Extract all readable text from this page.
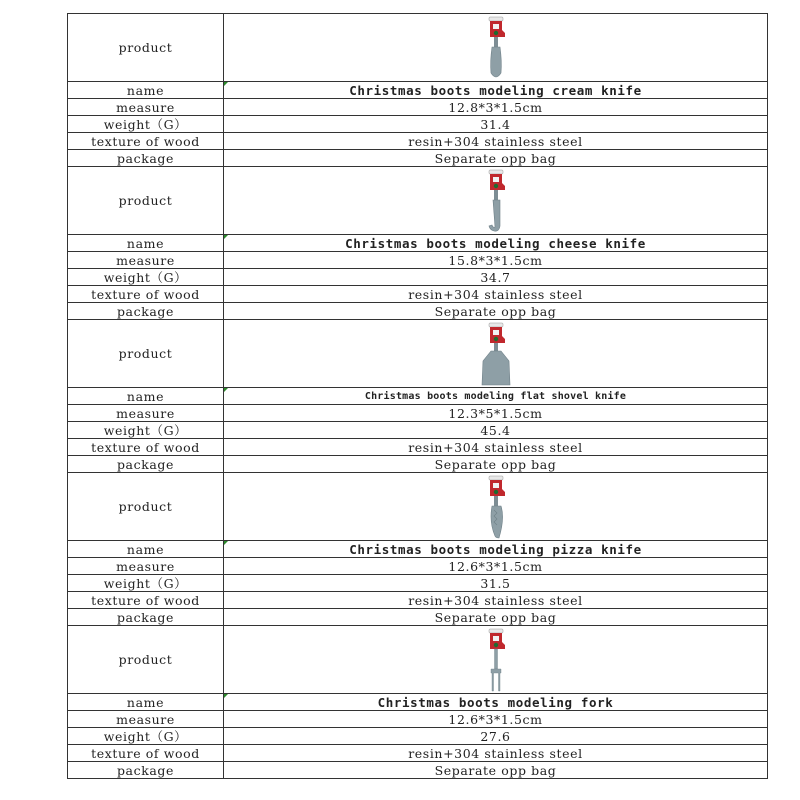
product	

name	Christmas boots modeling cream knife
measure	12.8*3*1.5cm
weight（G）	31.4
texture of wood	resin+304 stainless steel
package	Separate opp bag
product	

name	Christmas boots modeling cheese knife
measure	15.8*3*1.5cm
weight（G）	34.7
texture of wood	resin+304 stainless steel
package	Separate opp bag
product	

name	Christmas boots modeling flat shovel knife
measure	12.3*5*1.5cm
weight（G）	45.4
texture of wood	resin+304 stainless steel
package	Separate opp bag
product	

name	Christmas boots modeling pizza knife
measure	12.6*3*1.5cm
weight（G）	31.5
texture of wood	resin+304 stainless steel
package	Separate opp bag
product	

name	Christmas boots modeling fork
measure	12.6*3*1.5cm
weight（G）	27.6
texture of wood	resin+304 stainless steel
package	Separate opp bag
